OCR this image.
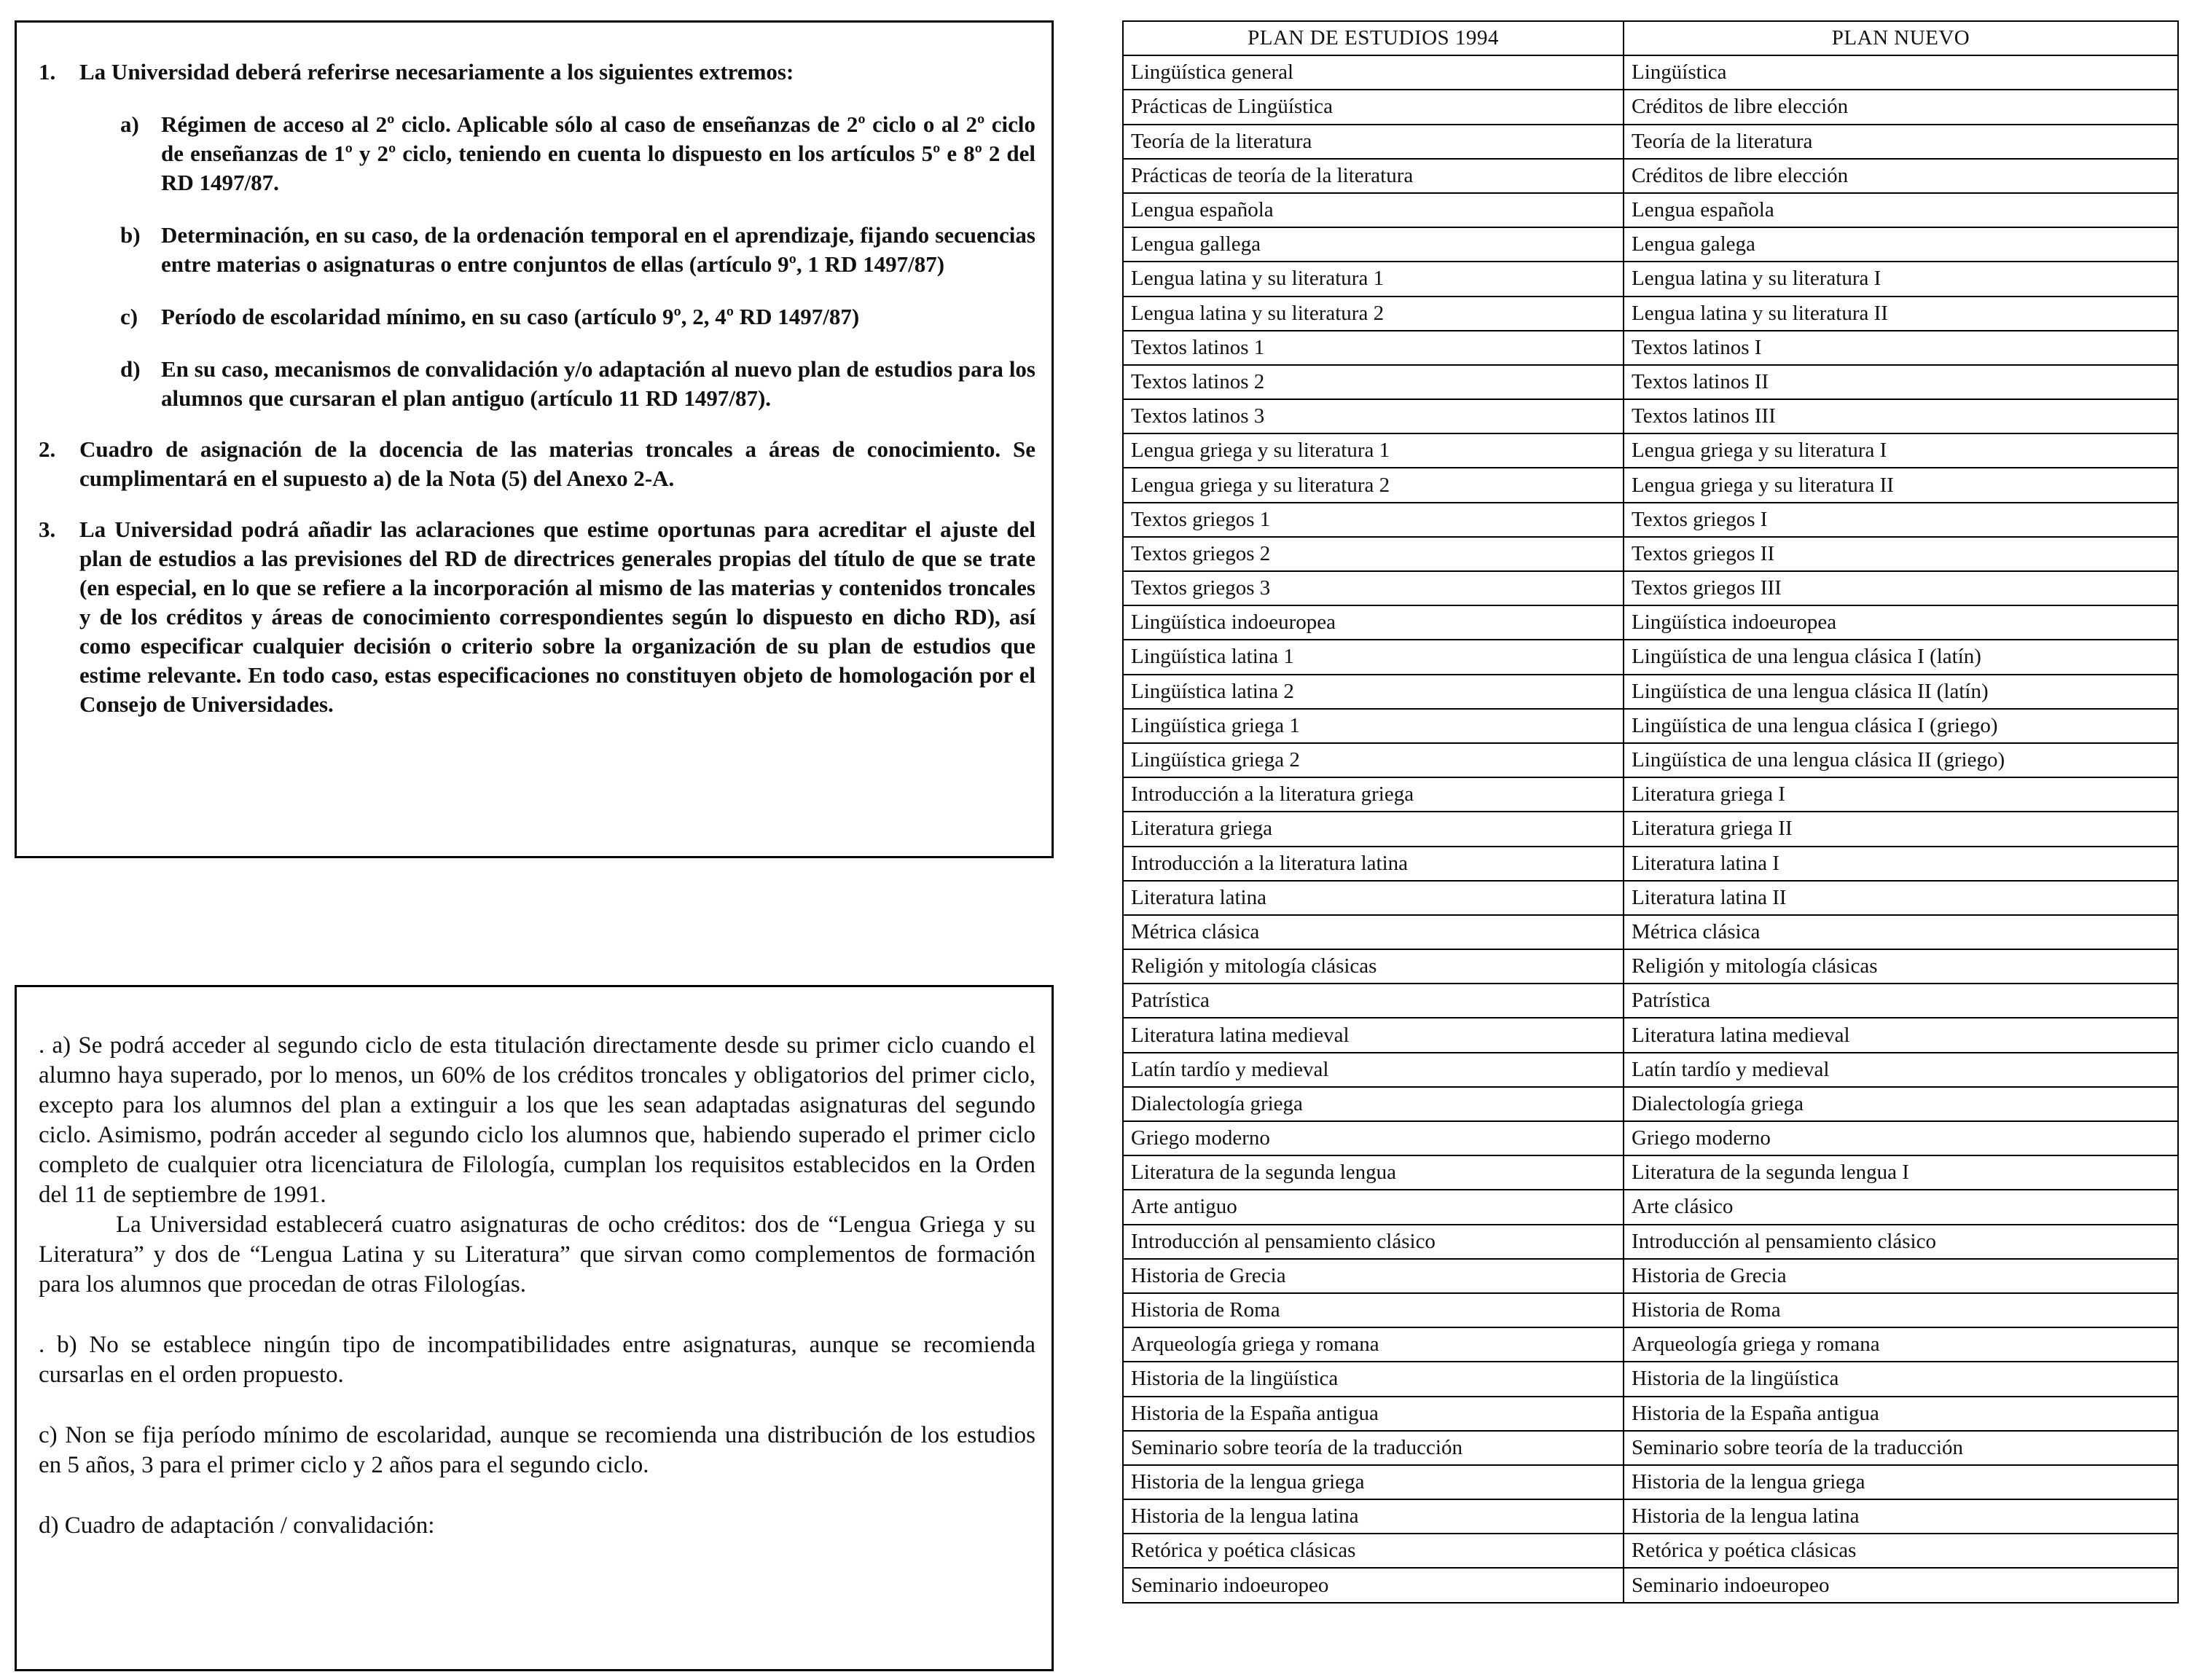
1.	La Universidad deberá referirse necesariamente a los siguientes extremos:
a) Régimen de acceso al 2º ciclo. Aplicable sólo al caso de enseñanzas de 2º ciclo o al 2º ciclo de enseñanzas de 1º y 2º ciclo, teniendo en cuenta lo dispuesto en los artículos 5º e 8º 2 del RD 1497/87.
b) Determinación, en su caso, de la ordenación temporal en el aprendizaje, fijando secuencias entre materias o asignaturas o entre conjuntos de ellas (artículo 9º, 1 RD 1497/87)
c)	Período de escolaridad mínimo, en su caso (artículo 9º, 2, 4º RD 1497/87)
d) En su caso, mecanismos de convalidación y/o adaptación al nuevo plan de estudios para los alumnos que cursaran el plan antiguo (artículo 11 RD 1497/87).
2.	Cuadro de asignación de la docencia de las materias troncales a áreas de conocimiento. Se cumplimentará en el supuesto a) de la Nota (5) del Anexo 2-A.
3.	La Universidad podrá añadir las aclaraciones que estime oportunas para acreditar el ajuste del plan de estudios a las previsiones del RD de directrices generales propias del título de que se trate (en especial, en lo que se refiere a la incorporación al mismo de las materias y contenidos troncales y de los créditos y áreas de conocimiento correspondientes según lo dispuesto en dicho RD), así como especificar cualquier decisión o criterio sobre la organización de su plan de estudios que estime relevante. En todo caso, estas especificaciones no constituyen objeto de homologación por el Consejo de Universidades.

. a) Se podrá acceder al segundo ciclo de esta titulación directamente desde su primer ciclo cuando el alumno haya superado, por lo menos, un 60% de los créditos troncales y obligatorios del primer ciclo, excepto para los alumnos del plan a extinguir a los que les sean adaptadas asignaturas del segundo ciclo. Asimismo, podrán acceder al segundo ciclo los alumnos que, habiendo superado el primer ciclo completo de cualquier otra licenciatura de Filología, cumplan los requisitos establecidos en la Orden del 11 de septiembre de 1991.

La Universidad establecerá cuatro asignaturas de ocho créditos: dos de “Lengua Griega y su Literatura” y dos de “Lengua Latina y su Literatura” que sirvan como complementos de formación para los alumnos que procedan de otras Filologías.

. b) No se establece ningún tipo de incompatibilidades entre asignaturas, aunque se recomienda cursarlas en el orden propuesto.

c) Non se fija período mínimo de escolaridad, aunque se recomienda una distribución de los estudios en 5 años, 3 para el primer ciclo y 2 años para el segundo ciclo.

d) Cuadro de adaptación / convalidación:

PLAN DE ESTUDIOS 1994	PLAN NUEVO
Lingüística general	Lingüística
Prácticas de Lingüística	Créditos de libre elección
Teoría de la literatura	Teoría de la literatura
Prácticas de teoría de la literatura	Créditos de libre elección
Lengua española	Lengua española
Lengua gallega	Lengua galega
Lengua latina y su literatura 1	Lengua latina y su literatura I
Lengua latina y su literatura 2	Lengua latina y su literatura II
Textos latinos 1	Textos latinos I
Textos latinos 2	Textos latinos II
Textos latinos 3	Textos latinos III
Lengua griega y su literatura 1	Lengua griega y su literatura I
Lengua griega y su literatura 2	Lengua griega y su literatura II
Textos griegos 1	Textos griegos I
Textos griegos 2	Textos griegos II
Textos griegos 3	Textos griegos III
Lingüística indoeuropea	Lingüística indoeuropea
Lingüística latina 1	Lingüística de una lengua clásica I (latín)
Lingüística latina 2	Lingüística de una lengua clásica II (latín)
Lingüística griega 1	Lingüística de una lengua clásica I (griego)
Lingüística griega 2	Lingüística de una lengua clásica II (griego)
Introducción a la literatura griega	Literatura griega I
Literatura griega	Literatura griega II
Introducción a la literatura latina	Literatura latina I
Literatura latina	Literatura latina II
Métrica clásica	Métrica clásica
Religión y mitología clásicas	Religión y mitología clásicas
Patrística	Patrística
Literatura latina medieval	Literatura latina medieval
Latín tardío y medieval	Latín tardío y medieval
Dialectología griega	Dialectología griega
Griego moderno	Griego moderno
Literatura de la segunda lengua	Literatura de la segunda lengua I
Arte antiguo	Arte clásico
Introducción al pensamiento clásico	Introducción al pensamiento clásico
Historia de Grecia	Historia de Grecia
Historia de Roma	Historia de Roma
Arqueología griega y romana	Arqueología griega y romana
Historia de la lingüística	Historia de la lingüística
Historia de la España antigua	Historia de la España antigua
Seminario sobre teoría de la traducción	Seminario sobre teoría de la traducción
Historia de la lengua griega	Historia de la lengua griega
Historia de la lengua latina	Historia de la lengua latina
Retórica y poética clásicas	Retórica y poética clásicas
Seminario indoeuropeo	Seminario indoeuropeo
